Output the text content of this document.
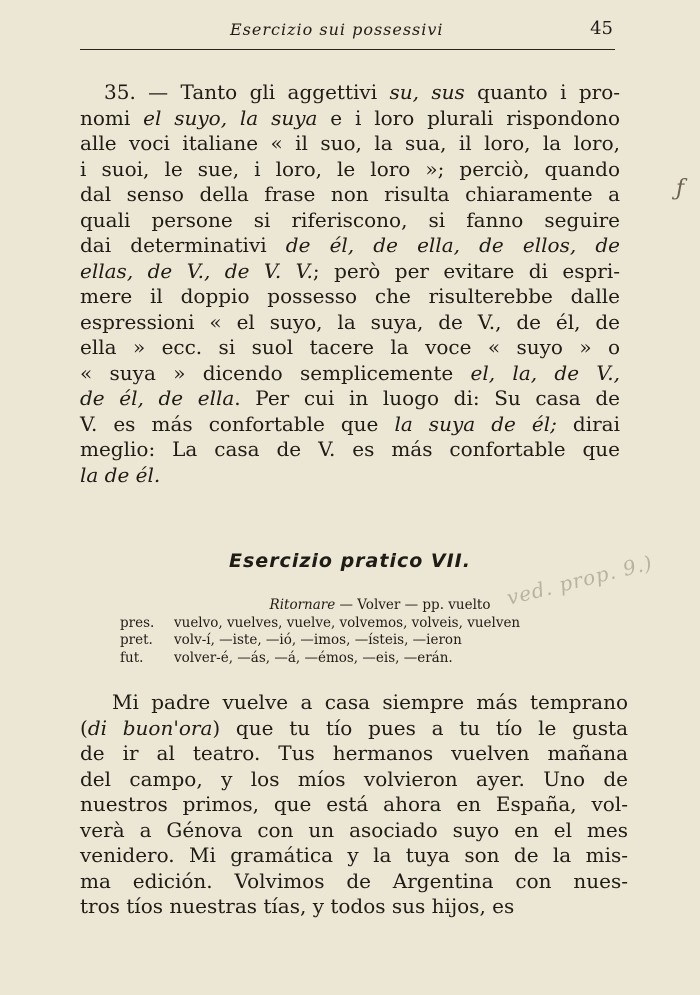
Esercizio sui possessivi	45
35. — Tanto gli aggettivi su, sus quanto i pro-
nomi el suyo, la suya e i loro plurali rispondono
alle voci italiane « il suo, la sua, il loro, la loro,
i suoi, le sue, i loro, le loro »; perciò, quando
dal senso della frase non risulta chiaramente a
quali persone si riferiscono, si fanno seguire
dai determinativi de él, de ella, de ellos, de
ellas, de V., de V. V.; però per evitare di espri-
mere il doppio possesso che risulterebbe dalle
espressioni « el suyo, la suya, de V., de él, de
ella » ecc. si suol tacere la voce « suyo » o
« suya » dicendo semplicemente el, la, de V.,
de él, de ella. Per cui in luogo di: Su casa de
V. es más confortable que la suya de él; dirai
meglio: La casa de V. es más confortable que
la de él.
Esercizio pratico VII.	ved. prop. 9.)
ƒ
Ritornare — Volver — pp. vuelto
pres.	vuelvo, vuelves, vuelve, volvemos, volveis, vuelven
pret.	volv-í, —iste, —ió, —imos, —ísteis, —ieron
fut.	volver-é, —ás, —á, —émos, —eis, —erán.
Mi padre vuelve a casa siempre más temprano
(di buon'ora) que tu tío pues a tu tío le gusta
de ir al teatro. Tus hermanos vuelven mañana
del campo, y los míos volvieron ayer. Uno de
nuestros primos, que está ahora en España, vol-
verà a Génova con un asociado suyo en el mes
venidero. Mi gramática y la tuya son de la mis-
ma edición. Volvimos de Argentina con nues-
tros tíos nuestras tías, y todos sus hijos, es
